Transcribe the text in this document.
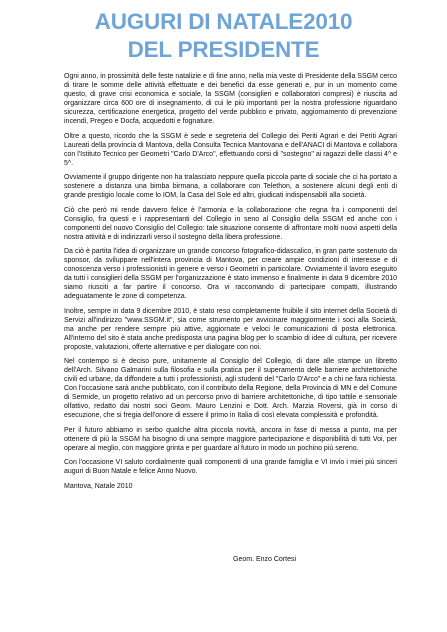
AUGURI DI NATALE2010
DEL PRESIDENTE

Ogni anno, in prossimità delle feste natalizie e di fine anno, nella mia veste di Presidente della SSGM cerco di tirare le somme delle attività effettuate e dei benefici da esse generati e, pur in un momento come questo, di grave crisi economica e sociale, la SSGM (consiglieri e collaboratori compresi) è riuscita ad organizzare circa 600 ore di insegnamento, di cui le più importanti per la nostra professione riguardano sicurezza, certificazione energetica, progetto del verde pubblico e privato, aggiornamento di prevenzione incendi, Pregeo e Docfa, acquedotti e fognature.

Oltre a questo, ricordo che la SSGM è sede e segreteria del Collegio dei Periti Agrari e dei Periti Agrari Laureati della provincia di Mantova, della Consulta Tecnica Mantovana e dell'ANACI di Mantova e collabora con l'Istituto Tecnico per Geometri "Carlo D'Arco", effettuando corsi di "sostegno" ai ragazzi delle classi 4^ e 5^.

Ovviamente il gruppo dirigente non ha tralasciato neppure quella piccola parte di sociale che ci ha portato a sostenere a distanza una bimba birmana, a collaborare con Telethon, a sostenere alcuni degli enti di grande prestigio locale come lo IOM, la Casa del Sole ed altri, giudicati indispensabili alla società.

Ciò che però mi rende davvero felice è l'armonia e la collaborazione che regna fra i componenti del Consiglio, fra questi e i rappresentanti del Collegio in seno al Consiglio della SSGM ed anche con i componenti del nuovo Consiglio del Collegio: tale situazione consente di affrontare molti nuovi aspetti della nostra attività e di indirizzarli verso il sostegno della libera professione.

Da ciò è partita l'idea di organizzare un grande concorso fotografico-didascalico, in gran parte sostenuto da sponsor, da sviluppare nell'intera provincia di Mantova, per creare ampie condizioni di interesse e di conoscenza verso i professionisti in genere e verso i Geometri in particolare. Ovviamente il lavoro eseguito da tutti i consiglieri della SSGM per l'organizzazione è stato immenso e finalmente in data 9 dicembre 2010 siamo riusciti a far partire il concorso. Ora vi raccomando di partecipare compatti, illustrando adeguatamente le zone di competenza.

Inoltre, sempre in data 9 dicembre 2010, è stato reso completamente fruibile il sito internet della Società di Servizi all'indirizzo "www.SSGM.it", sia come strumento per avvicinare maggiormente i soci alla Società, ma anche per rendere sempre più attive, aggiornate e veloci le comunicazioni di posta elettronica. All'interno del sito è stata anche predisposta una pagina blog per lo scambio di idee di cultura, per ricevere proposte, valutazioni, offerte alternative e per dialogare con noi.

Nel contempo si è deciso pure, unitamente al Consiglio del Collegio, di dare alle stampe un libretto dell'Arch. Silvano Galmarini sulla filosofia e sulla pratica per il superamento delle barriere architettoniche civili ed urbane, da diffondere a tutti i professionisti, agli studenti del "Carlo D'Arco" e a chi ne fara richiesta. Con l'occasione sarà anche pubblicato, con il contributo della Regione, della Provincia di MN e del Comune di Sermide, un progetto relativo ad un percorso privo di barriere architettoniche, di tipo tattile e sensoriale olfattivo, redatto dai nostri soci Geom. Mauro Lenzini e Dott. Arch. Marzia Roversi, già in corso di esecuzione, che si fregia dell'onore di essere il primo in Italia di così elevata complessità e profondità.

Per il futuro abbiamo in serbo qualche altra piccola novità, ancora in fase di messa a punto, ma per ottenere di più la SSGM ha bisogno di una sempre maggiore partecipazione e disponibilità di tutti Voi, per operare al meglio, con maggiore grinta e per guardare al futuro in modo un pochino più sereno.

Con l'occasione VI saluto cordialmente quali componenti di una grande famiglia e VI invio i miei più sinceri auguri di Buon Natale e felice Anno Nuovo.

Mantova, Natale 2010

Geom. Enzo Cortesi
